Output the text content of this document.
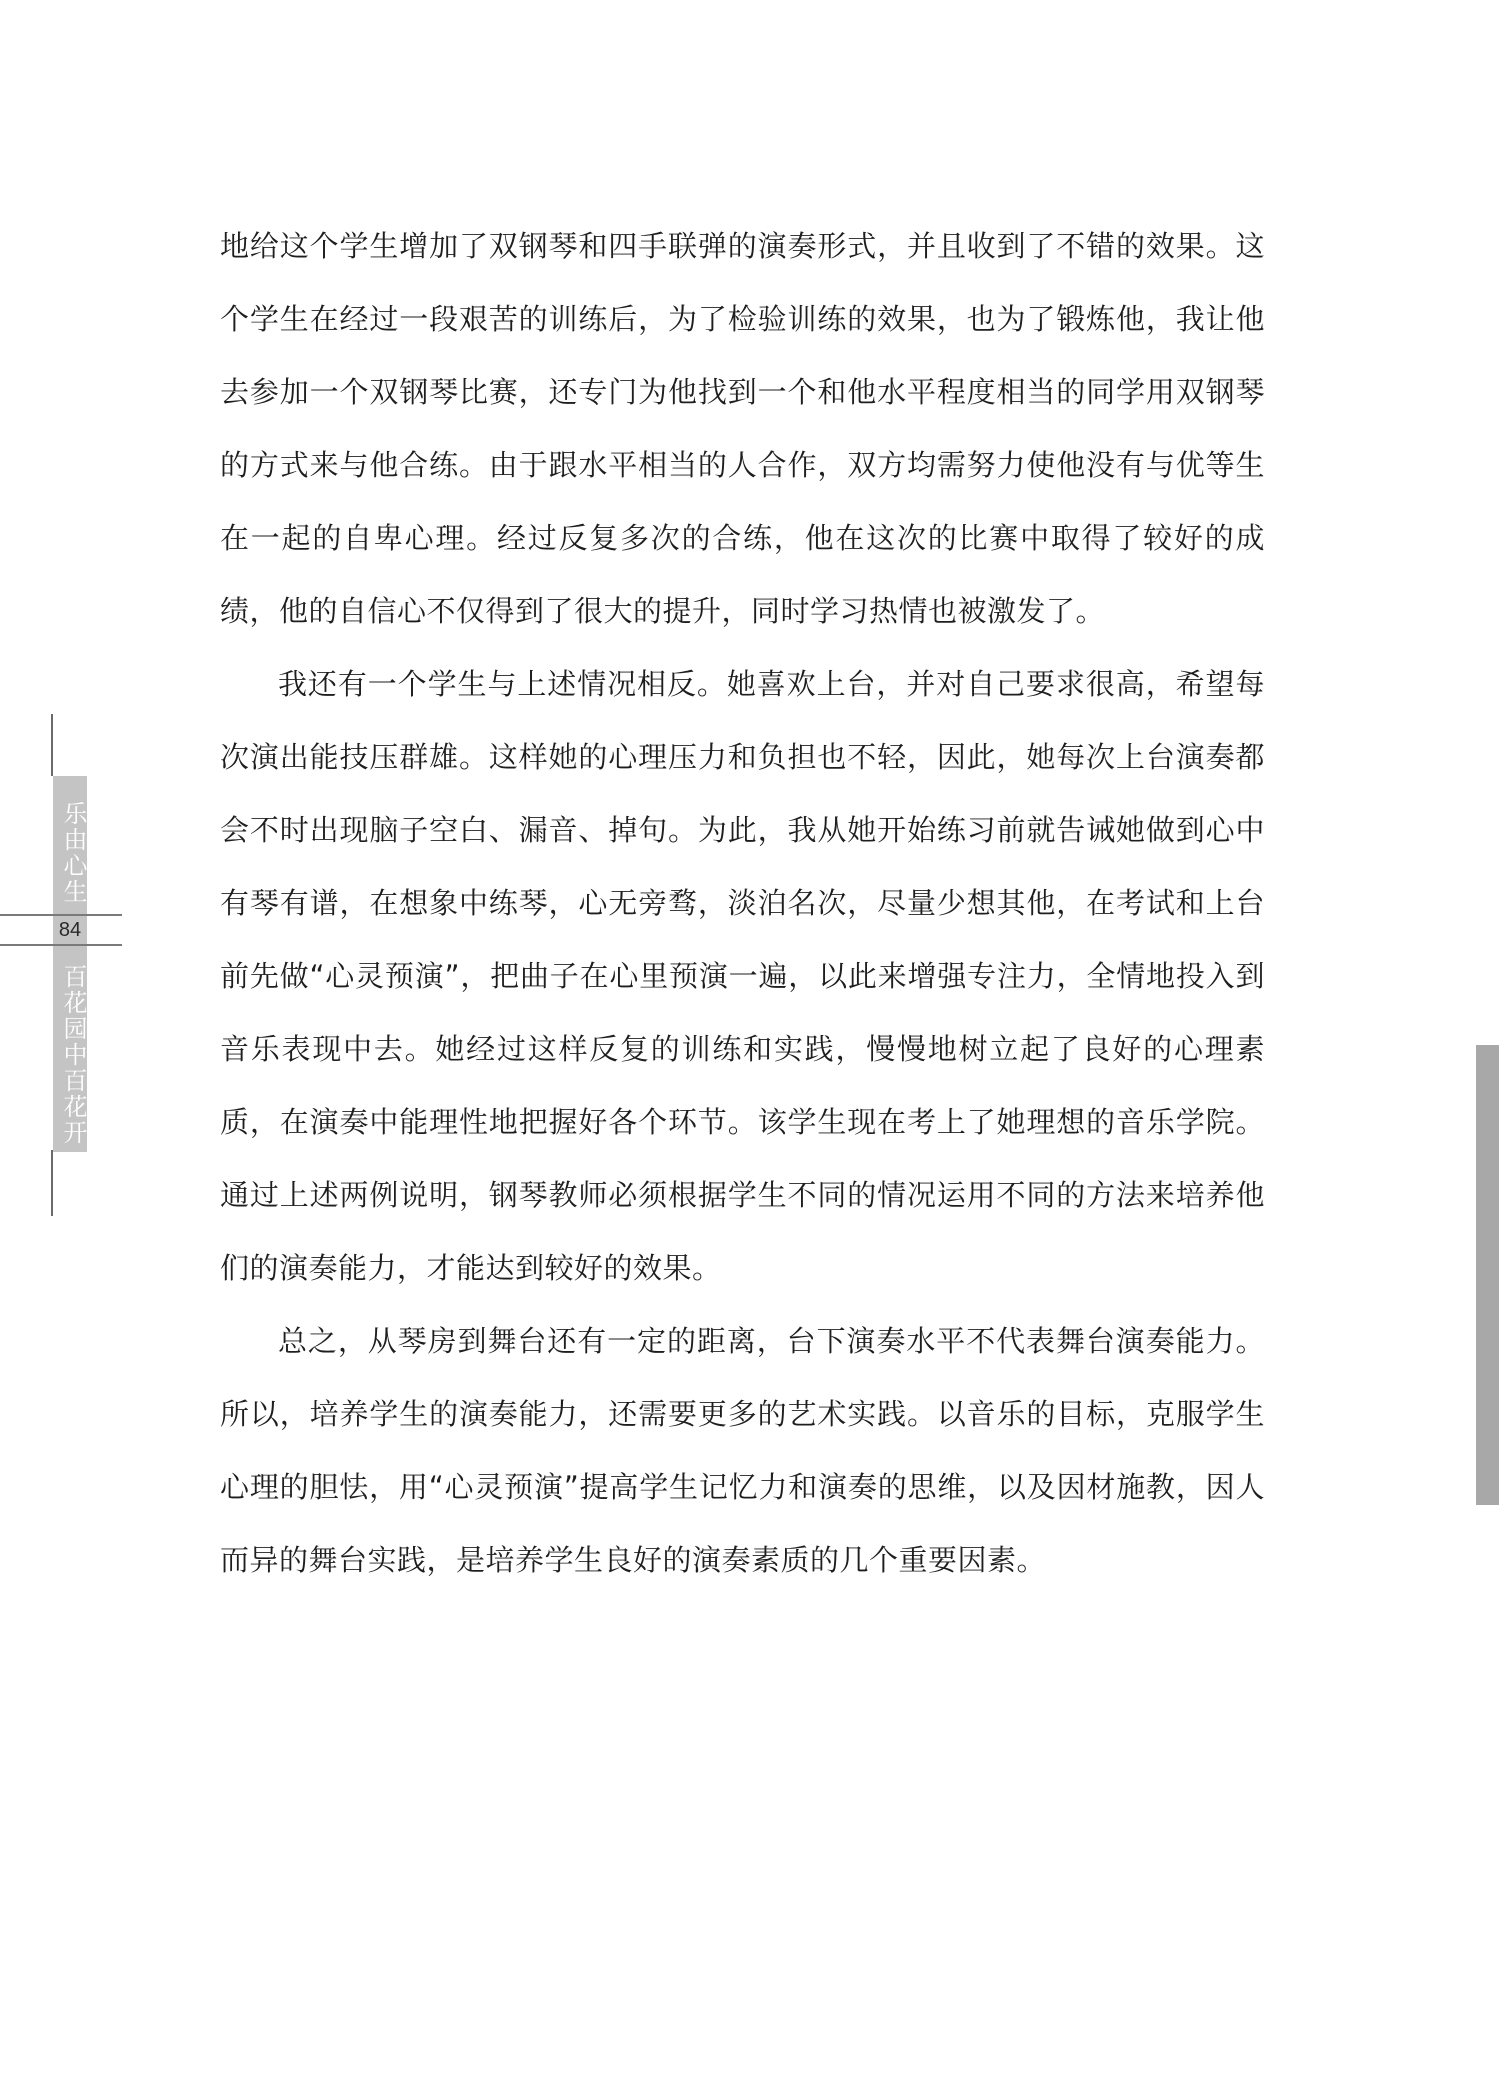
乐由心生
84
百花园中百花开

地给这个学生增加了双钢琴和四手联弹的演奏形式，并且收到了不错的效果。这个学生在经过一段艰苦的训练后，为了检验训练的效果，也为了锻炼他，我让他去参加一个双钢琴比赛，还专门为他找到一个和他水平程度相当的同学用双钢琴的方式来与他合练。由于跟水平相当的人合作，双方均需努力使他没有与优等生在一起的自卑心理。经过反复多次的合练，他在这次的比赛中取得了较好的成绩，他的自信心不仅得到了很大的提升，同时学习热情也被激发了。

我还有一个学生与上述情况相反。她喜欢上台，并对自己要求很高，希望每次演出能技压群雄。这样她的心理压力和负担也不轻，因此，她每次上台演奏都会不时出现脑子空白、漏音、掉句。为此，我从她开始练习前就告诫她做到心中有琴有谱，在想象中练琴，心无旁骛，淡泊名次，尽量少想其他，在考试和上台前先做“心灵预演”，把曲子在心里预演一遍，以此来增强专注力，全情地投入到音乐表现中去。她经过这样反复的训练和实践，慢慢地树立起了良好的心理素质，在演奏中能理性地把握好各个环节。该学生现在考上了她理想的音乐学院。通过上述两例说明，钢琴教师必须根据学生不同的情况运用不同的方法来培养他们的演奏能力，才能达到较好的效果。

总之，从琴房到舞台还有一定的距离，台下演奏水平不代表舞台演奏能力。所以，培养学生的演奏能力，还需要更多的艺术实践。以音乐的目标，克服学生心理的胆怯，用“心灵预演”提高学生记忆力和演奏的思维，以及因材施教，因人而异的舞台实践，是培养学生良好的演奏素质的几个重要因素。
